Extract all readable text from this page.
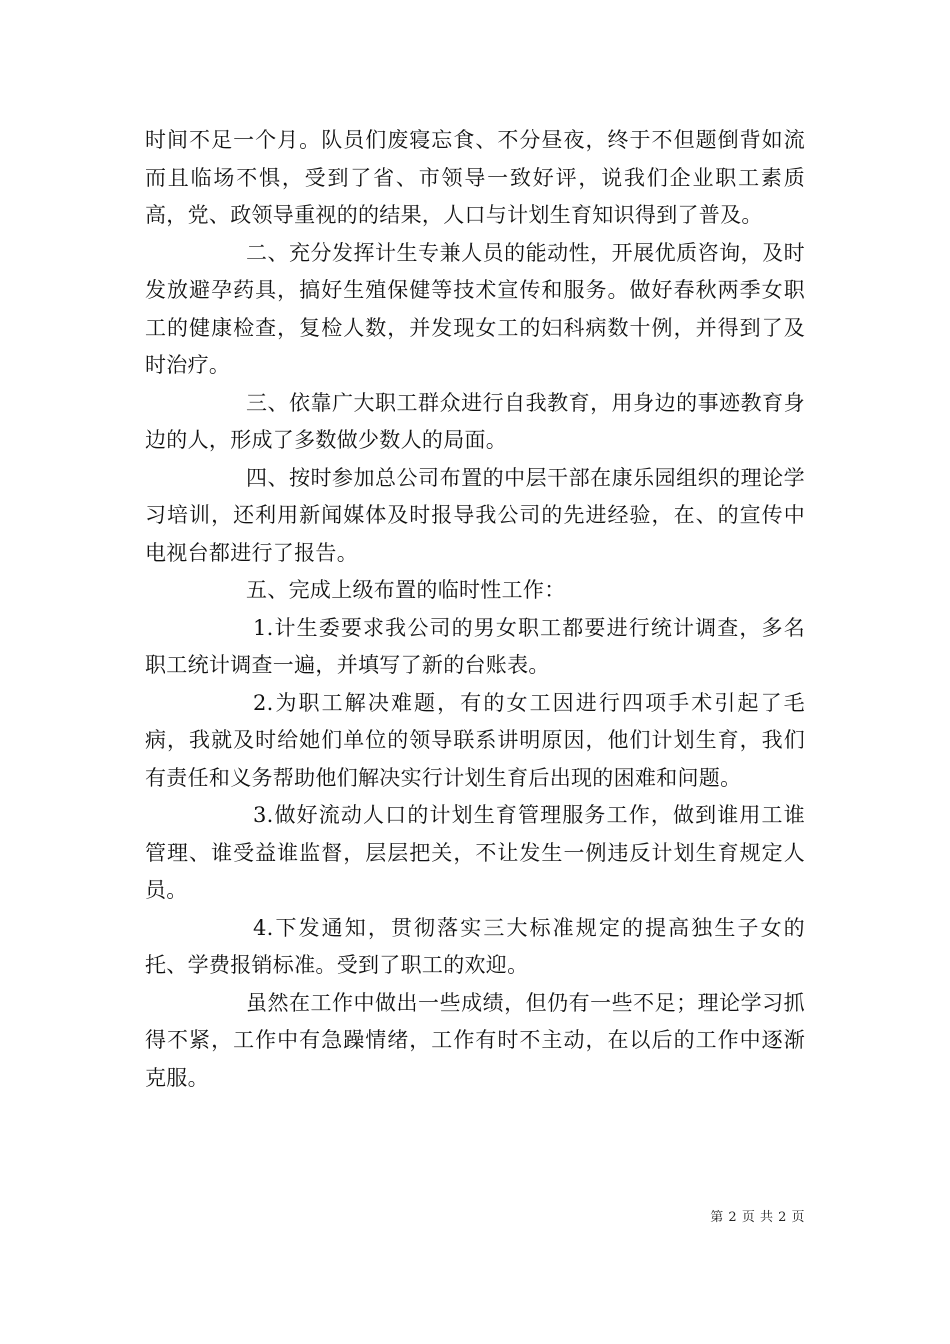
时间不足一个月。队员们废寝忘食、不分昼夜，终于不但题倒背如流而且临场不惧，受到了省、市领导一致好评，说我们企业职工素质高，党、政领导重视的的结果，人口与计划生育知识得到了普及。

二、充分发挥计生专兼人员的能动性，开展优质咨询，及时发放避孕药具，搞好生殖保健等技术宣传和服务。做好春秋两季女职工的健康检查，复检人数，并发现女工的妇科病数十例，并得到了及时治疗。

三、依靠广大职工群众进行自我教育，用身边的事迹教育身边的人，形成了多数做少数人的局面。

四、按时参加总公司布置的中层干部在康乐园组织的理论学习培训，还利用新闻媒体及时报导我公司的先进经验，在、的宣传中电视台都进行了报告。

五、完成上级布置的临时性工作：

1.计生委要求我公司的男女职工都要进行统计调查，多名职工统计调查一遍，并填写了新的台账表。

2.为职工解决难题，有的女工因进行四项手术引起了毛病，我就及时给她们单位的领导联系讲明原因，他们计划生育，我们有责任和义务帮助他们解决实行计划生育后出现的困难和问题。

3.做好流动人口的计划生育管理服务工作，做到谁用工谁管理、谁受益谁监督，层层把关，不让发生一例违反计划生育规定人员。

4.下发通知，贯彻落实三大标准规定的提高独生子女的托、学费报销标准。受到了职工的欢迎。

虽然在工作中做出一些成绩，但仍有一些不足；理论学习抓得不紧，工作中有急躁情绪，工作有时不主动，在以后的工作中逐渐克服。

第 2 页 共 2 页
